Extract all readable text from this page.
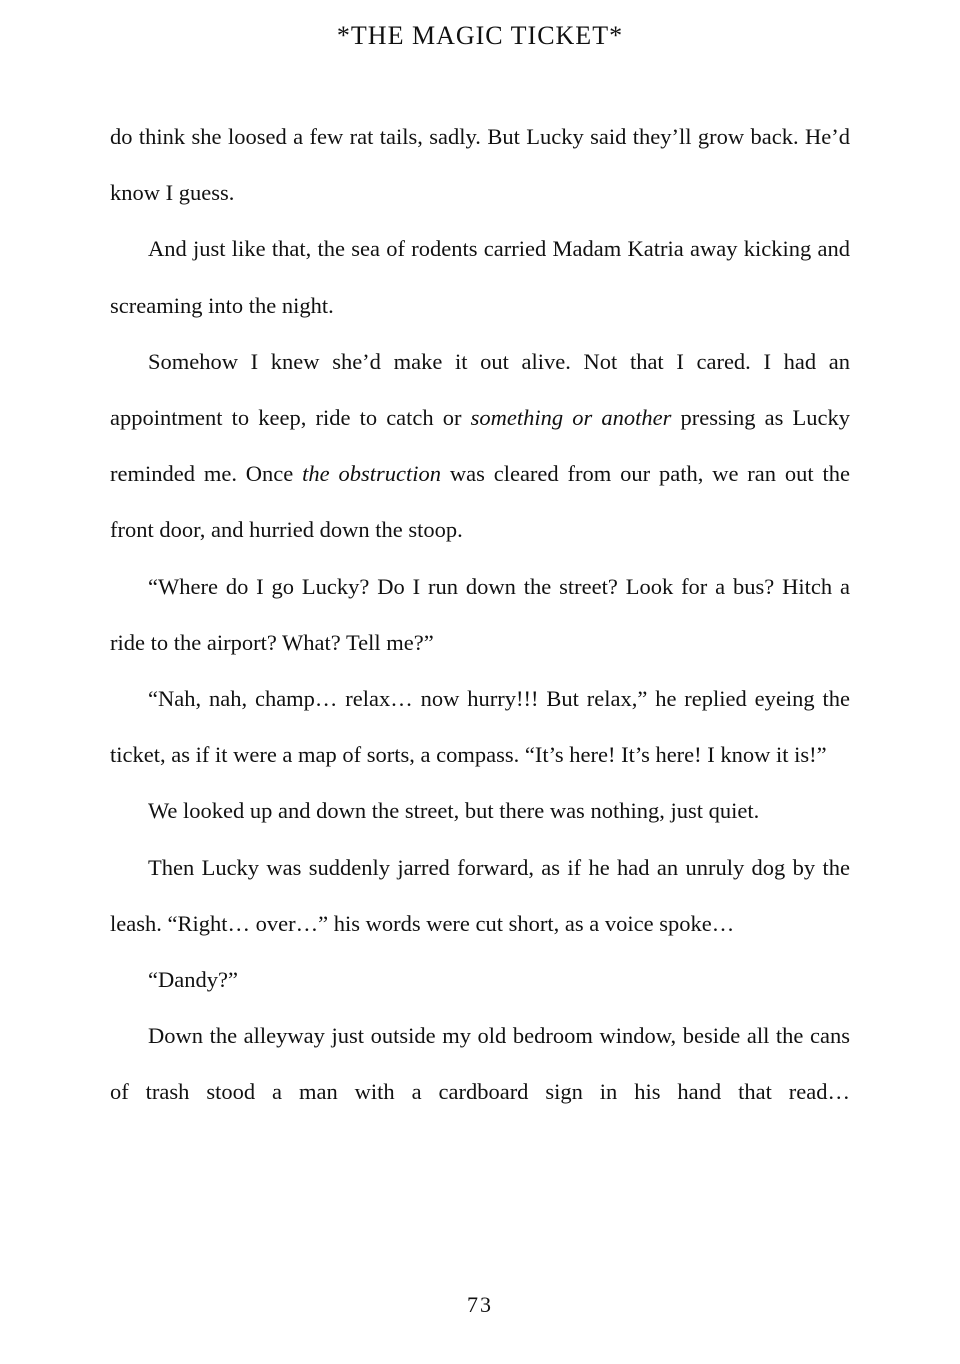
*THE MAGIC TICKET*

do think she loosed a few rat tails, sadly. But Lucky said they’ll grow back. He’d know I guess.

And just like that, the sea of rodents carried Madam Katria away kicking and screaming into the night.

Somehow I knew she’d make it out alive. Not that I cared. I had an appointment to keep, ride to catch or something or another pressing as Lucky reminded me. Once the obstruction was cleared from our path, we ran out the front door, and hurried down the stoop.

“Where do I go Lucky? Do I run down the street? Look for a bus? Hitch a ride to the airport? What? Tell me?”

“Nah, nah, champ… relax… now hurry!!! But relax,” he replied eyeing the ticket, as if it were a map of sorts, a compass. “It’s here! It’s here! I know it is!”

We looked up and down the street, but there was nothing, just quiet.

Then Lucky was suddenly jarred forward, as if he had an unruly dog by the leash. “Right… over…” his words were cut short, as a voice spoke…

“Dandy?”

Down the alleyway just outside my old bedroom window, beside all the cans of trash stood a man with a cardboard sign in his hand that read…

73
